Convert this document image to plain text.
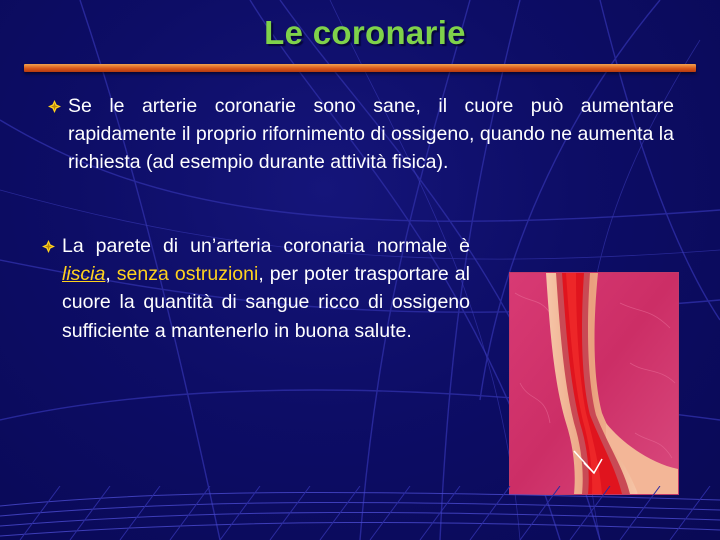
Le coronarie
Se le arterie coronarie sono sane, il cuore può aumentare rapidamente il proprio rifornimento di ossigeno, quando ne aumenta la richiesta (ad esempio durante attività fisica).
La parete di un’arteria coronaria normale è liscia, senza ostruzioni, per poter trasportare al cuore la quantità di sangue ricco di ossigeno sufficiente a mantenerlo in buona salute.
